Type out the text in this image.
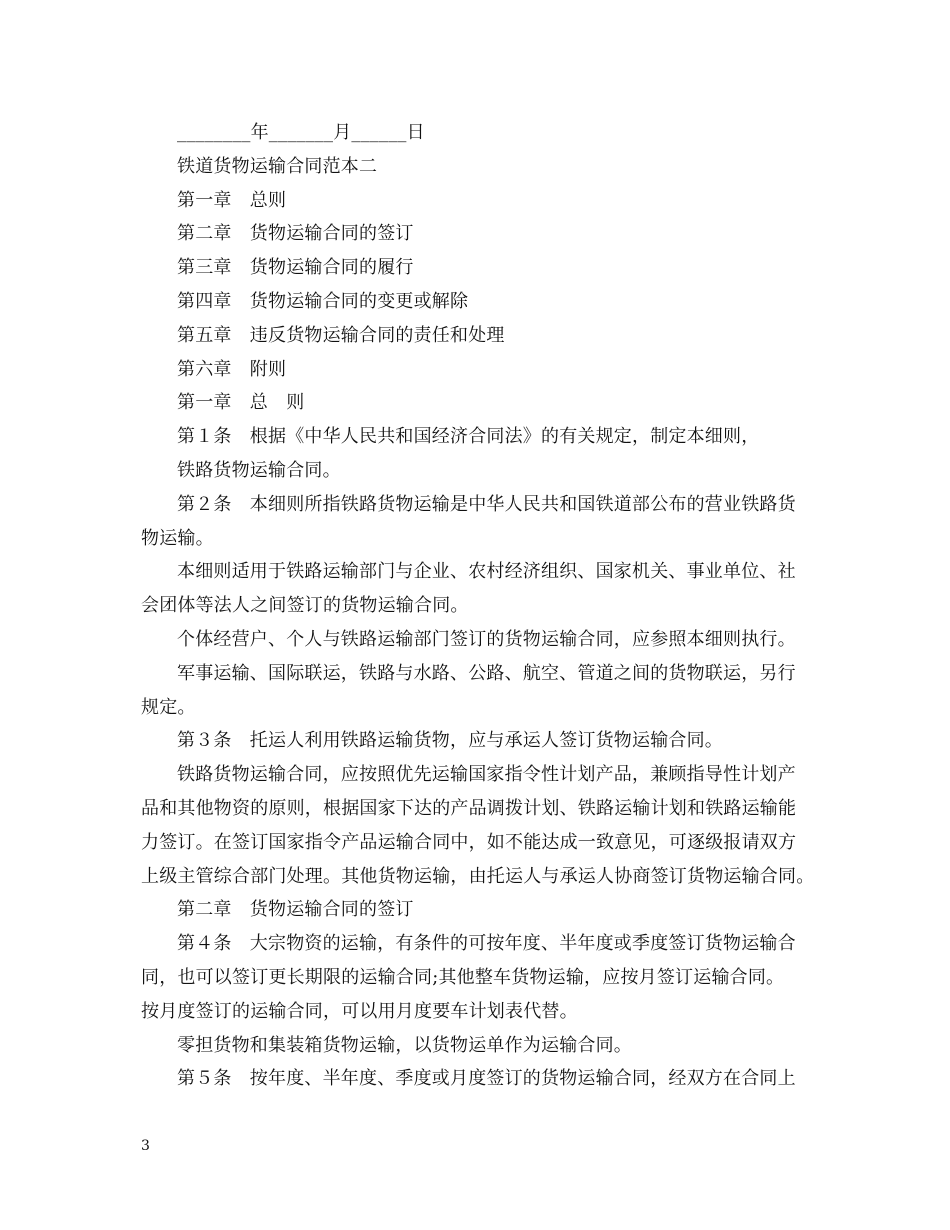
________年_______月______日
铁道货物运输合同范本二
第一章　总则
第二章　货物运输合同的签订
第三章　货物运输合同的履行
第四章　货物运输合同的变更或解除
第五章　违反货物运输合同的责任和处理
第六章　附则
第一章　总　则
第１条　根据《中华人民共和国经济合同法》的有关规定，制定本细则，
铁路货物运输合同。
第２条　本细则所指铁路货物运输是中华人民共和国铁道部公布的营业铁路货
物运输。
本细则适用于铁路运输部门与企业、农村经济组织、国家机关、事业单位、社
会团体等法人之间签订的货物运输合同。
个体经营户、个人与铁路运输部门签订的货物运输合同，应参照本细则执行。
军事运输、国际联运，铁路与水路、公路、航空、管道之间的货物联运，另行
规定。
第３条　托运人利用铁路运输货物，应与承运人签订货物运输合同。
铁路货物运输合同，应按照优先运输国家指令性计划产品，兼顾指导性计划产
品和其他物资的原则，根据国家下达的产品调拨计划、铁路运输计划和铁路运输能
力签订。在签订国家指令产品运输合同中，如不能达成一致意见，可逐级报请双方
上级主管综合部门处理。其他货物运输，由托运人与承运人协商签订货物运输合同。
第二章　货物运输合同的签订
第４条　大宗物资的运输，有条件的可按年度、半年度或季度签订货物运输合
同，也可以签订更长期限的运输合同;其他整车货物运输，应按月签订运输合同。
按月度签订的运输合同，可以用月度要车计划表代替。
零担货物和集装箱货物运输，以货物运单作为运输合同。
第５条　按年度、半年度、季度或月度签订的货物运输合同，经双方在合同上
3
